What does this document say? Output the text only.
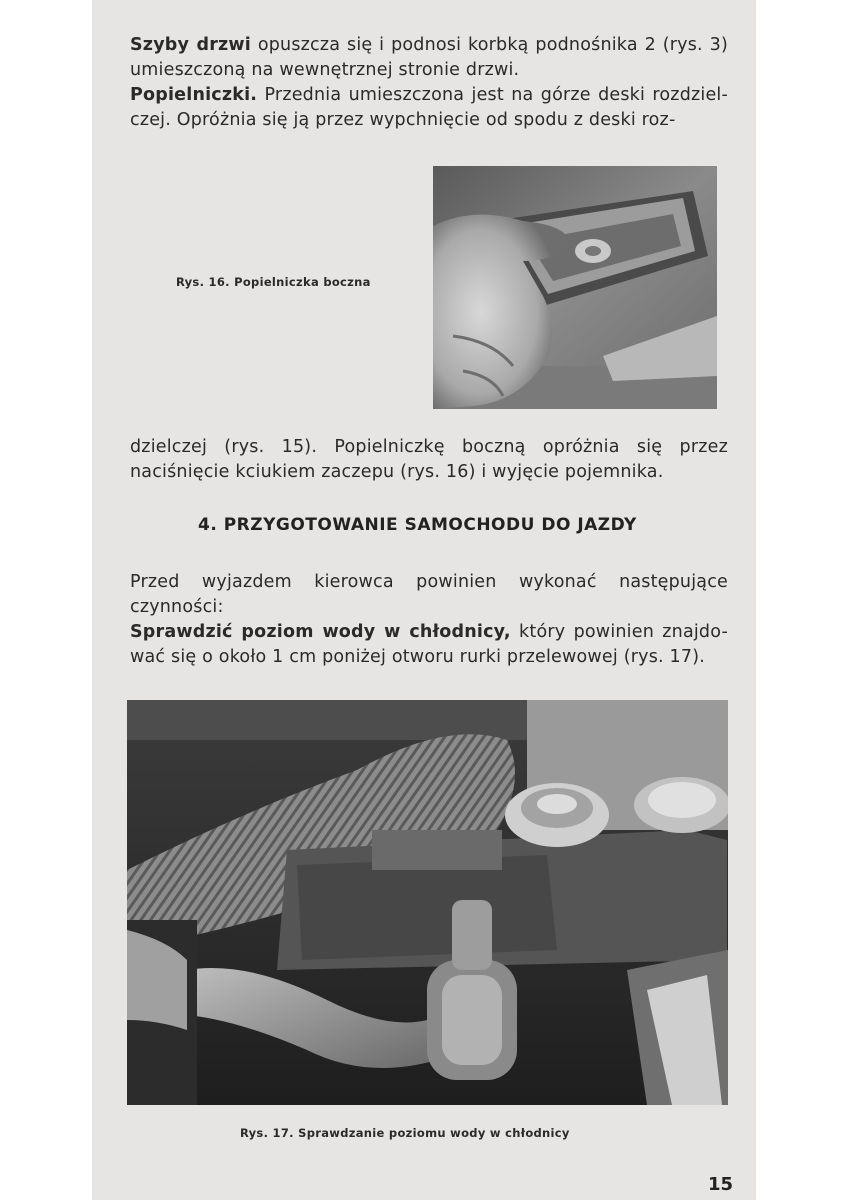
Szyby drzwi opuszcza się i podnosi korbką podnośnika 2 (rys. 3) umieszczoną na wewnętrznej stronie drzwi.

Popielniczki. Przednia umieszczona jest na górze deski rozdziel-czej. Opróżnia się ją przez wypchnięcie od spodu z deski roz-

Rys. 16. Popielniczka boczna

dzielczej (rys. 15). Popielniczkę boczną opróżnia się przez naciśnięcie kciukiem zaczepu (rys. 16) i wyjęcie pojemnika.

4. PRZYGOTOWANIE SAMOCHODU DO JAZDY

Przed wyjazdem kierowca powinien wykonać następujące czynności:

Sprawdzić poziom wody w chłodnicy, który powinien znajdo-wać się o około 1 cm poniżej otworu rurki przelewowej (rys. 17).

Rys. 17. Sprawdzanie poziomu wody w chłodnicy
15
